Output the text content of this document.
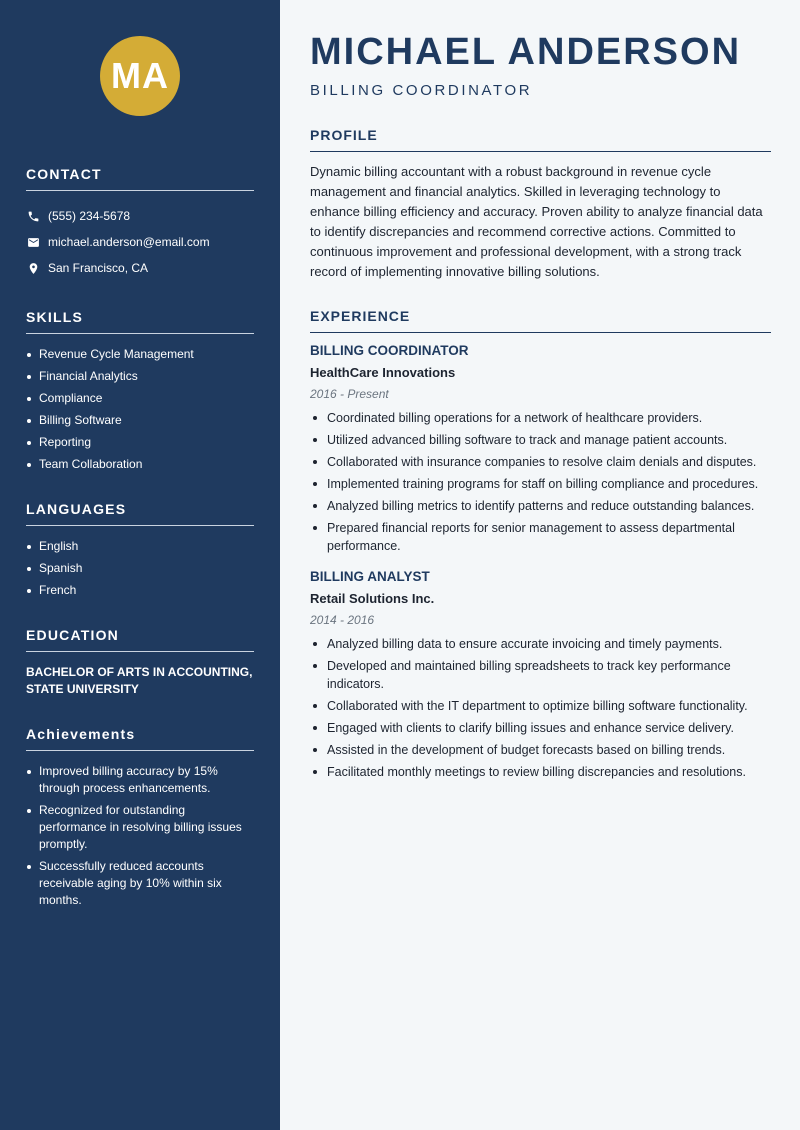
MA
CONTACT
(555) 234-5678
michael.anderson@email.com
San Francisco, CA
SKILLS
Revenue Cycle Management
Financial Analytics
Compliance
Billing Software
Reporting
Team Collaboration
LANGUAGES
English
Spanish
French
EDUCATION
BACHELOR OF ARTS IN ACCOUNTING,
STATE UNIVERSITY
Achievements
Improved billing accuracy by 15% through process enhancements.
Recognized for outstanding performance in resolving billing issues promptly.
Successfully reduced accounts receivable aging by 10% within six months.
MICHAEL ANDERSON
BILLING COORDINATOR
PROFILE

Dynamic billing accountant with a robust background in revenue cycle management and financial analytics. Skilled in leveraging technology to enhance billing efficiency and accuracy. Proven ability to analyze financial data to identify discrepancies and recommend corrective actions. Committed to continuous improvement and professional development, with a strong track record of implementing innovative billing solutions.

EXPERIENCE
BILLING COORDINATOR
HealthCare Innovations
2016 - Present
Coordinated billing operations for a network of healthcare providers.
Utilized advanced billing software to track and manage patient accounts.
Collaborated with insurance companies to resolve claim denials and disputes.
Implemented training programs for staff on billing compliance and procedures.
Analyzed billing metrics to identify patterns and reduce outstanding balances.
Prepared financial reports for senior management to assess departmental performance.
BILLING ANALYST
Retail Solutions Inc.
2014 - 2016
Analyzed billing data to ensure accurate invoicing and timely payments.
Developed and maintained billing spreadsheets to track key performance indicators.
Collaborated with the IT department to optimize billing software functionality.
Engaged with clients to clarify billing issues and enhance service delivery.
Assisted in the development of budget forecasts based on billing trends.
Facilitated monthly meetings to review billing discrepancies and resolutions.
